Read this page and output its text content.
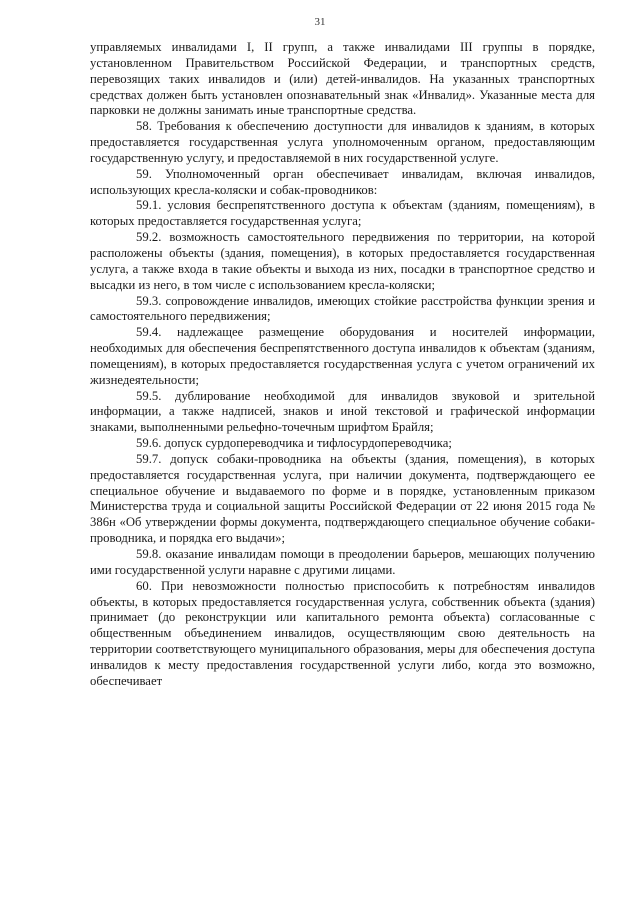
31

управляемых инвалидами I, II групп, а также инвалидами III группы в порядке, установленном Правительством Российской Федерации, и транспортных средств, перевозящих таких инвалидов и (или) детей-инвалидов. На указанных транспортных средствах должен быть установлен опознавательный знак «Инвалид». Указанные места для парковки не должны занимать иные транспортные средства.

58. Требования к обеспечению доступности для инвалидов к зданиям, в которых предоставляется государственная услуга уполномоченным органом, предоставляющим государственную услугу, и предоставляемой в них государственной услуге.

59. Уполномоченный орган обеспечивает инвалидам, включая инвалидов, использующих кресла-коляски и собак-проводников:

59.1. условия беспрепятственного доступа к объектам (зданиям, помещениям), в которых предоставляется государственная услуга;

59.2. возможность самостоятельного передвижения по территории, на которой расположены объекты (здания, помещения), в которых предоставляется государственная услуга, а также входа в такие объекты и выхода из них, посадки в транспортное средство и высадки из него, в том числе с использованием кресла-коляски;

59.3. сопровождение инвалидов, имеющих стойкие расстройства функции зрения и самостоятельного передвижения;

59.4. надлежащее размещение оборудования и носителей информации, необходимых для обеспечения беспрепятственного доступа инвалидов к объектам (зданиям, помещениям), в которых предоставляется государственная услуга с учетом ограничений их жизнедеятельности;

59.5. дублирование необходимой для инвалидов звуковой и зрительной информации, а также надписей, знаков и иной текстовой и графической информации знаками, выполненными рельефно-точечным шрифтом Брайля;

59.6. допуск сурдопереводчика и тифлосурдопереводчика;

59.7. допуск собаки-проводника на объекты (здания, помещения), в которых предоставляется государственная услуга, при наличии документа, подтверждающего ее специальное обучение и выдаваемого по форме и в порядке, установленным приказом Министерства труда и социальной защиты Российской Федерации от 22 июня 2015 года № 386н «Об утверждении формы документа, подтверждающего специальное обучение собаки-проводника, и порядка его выдачи»;

59.8. оказание инвалидам помощи в преодолении барьеров, мешающих получению ими государственной услуги наравне с другими лицами.

60. При невозможности полностью приспособить к потребностям инвалидов объекты, в которых предоставляется государственная услуга, собственник объекта (здания) принимает (до реконструкции или капитального ремонта объекта) согласованные с общественным объединением инвалидов, осуществляющим свою деятельность на территории соответствующего муниципального образования, меры для обеспечения доступа инвалидов к месту предоставления государственной услуги либо, когда это возможно, обеспечивает
